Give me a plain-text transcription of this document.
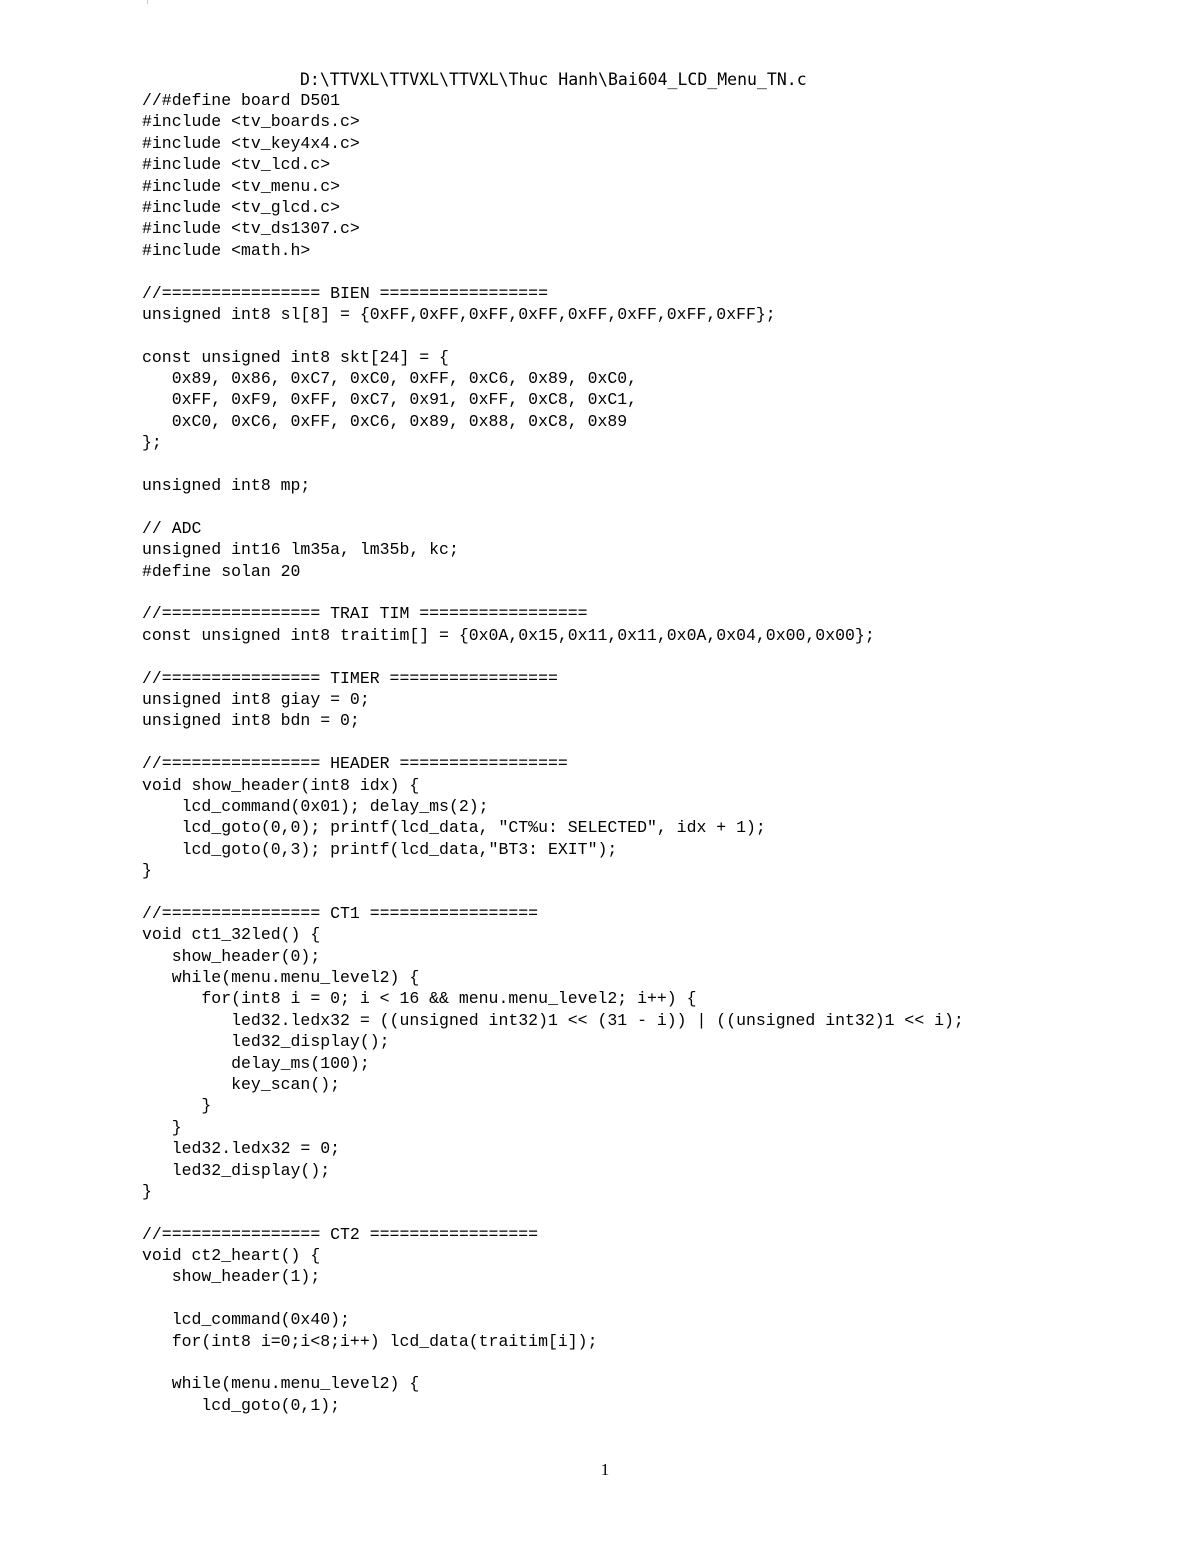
D:\TTVXL\TTVXL\TTVXL\Thuc Hanh\Bai604_LCD_Menu_TN.c
//#define board D501
#include <tv_boards.c>
#include <tv_key4x4.c>
#include <tv_lcd.c>
#include <tv_menu.c>
#include <tv_glcd.c>
#include <tv_ds1307.c>
#include <math.h>
//================ BIEN =================
unsigned int8 sl[8] = {0xFF,0xFF,0xFF,0xFF,0xFF,0xFF,0xFF,0xFF};
const unsigned int8 skt[24] = {
0x89, 0x86, 0xC7, 0xC0, 0xFF, 0xC6, 0x89, 0xC0,
0xFF, 0xF9, 0xFF, 0xC7, 0x91, 0xFF, 0xC8, 0xC1,
0xC0, 0xC6, 0xFF, 0xC6, 0x89, 0x88, 0xC8, 0x89
};
unsigned int8 mp;
// ADC
unsigned int16 lm35a, lm35b, kc;
#define solan 20
//================ TRAI TIM =================
const unsigned int8 traitim[] = {0x0A,0x15,0x11,0x11,0x0A,0x04,0x00,0x00};
//================ TIMER =================
unsigned int8 giay = 0;
unsigned int8 bdn = 0;
//================ HEADER =================
void show_header(int8 idx) {
lcd_command(0x01); delay_ms(2);
lcd_goto(0,0); printf(lcd_data, "CT%u: SELECTED", idx + 1);
lcd_goto(0,3); printf(lcd_data,"BT3: EXIT");
}
//================ CT1 =================
void ct1_32led() {
show_header(0);
while(menu.menu_level2) {
for(int8 i = 0; i < 16 && menu.menu_level2; i++) {
led32.ledx32 = ((unsigned int32)1 << (31 - i)) | ((unsigned int32)1 << i);
led32_display();
delay_ms(100);
key_scan();
}
}
led32.ledx32 = 0;
led32_display();
}
//================ CT2 =================
void ct2_heart() {
show_header(1);
lcd_command(0x40);
for(int8 i=0;i<8;i++) lcd_data(traitim[i]);
while(menu.menu_level2) {
lcd_goto(0,1);
1
